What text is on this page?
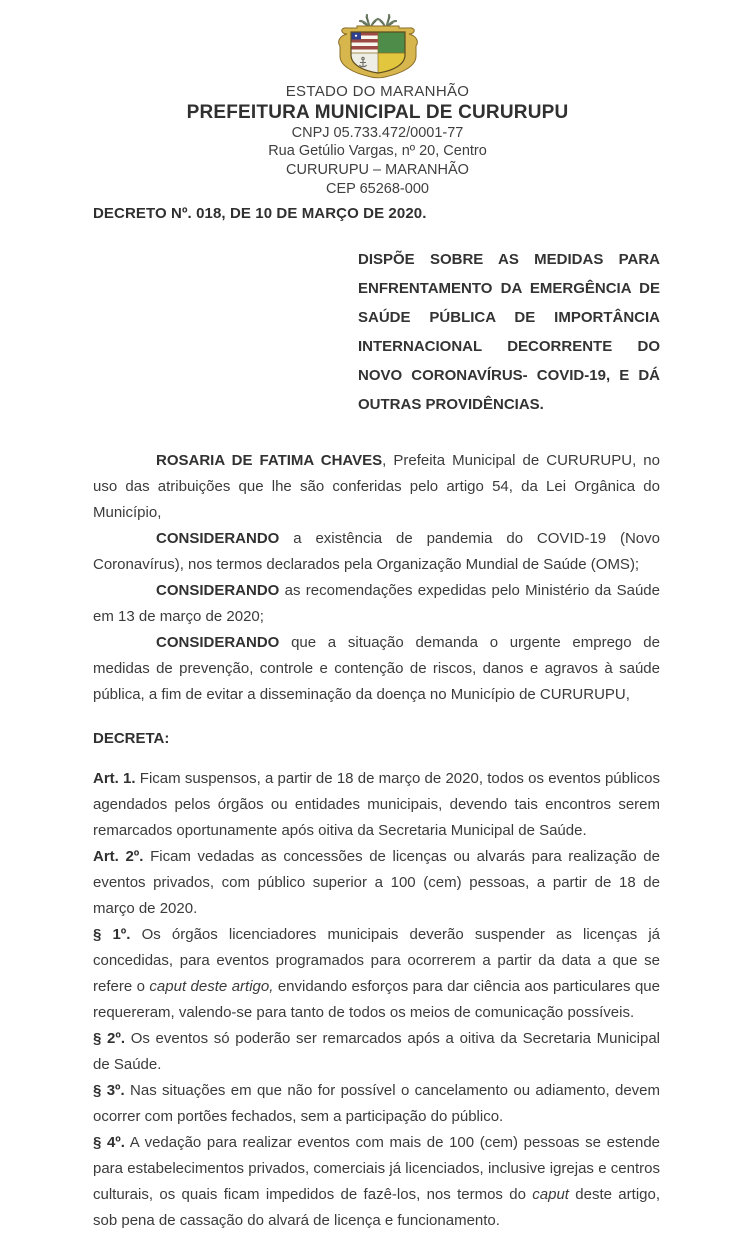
ESTADO DO MARANHÃO
PREFEITURA MUNICIPAL DE CURURUPU
CNPJ 05.733.472/0001-77
Rua Getúlio Vargas, nº 20, Centro
CURURUPU – MARANHÃO
CEP 65268-000
DECRETO Nº. 018, DE 10 DE MARÇO DE 2020.

DISPÕE SOBRE AS MEDIDAS PARA ENFRENTAMENTO DA EMERGÊNCIA DE SAÚDE PÚBLICA DE IMPORTÂNCIA INTERNACIONAL DECORRENTE DO NOVO CORONAVÍRUS- COVID-19, E DÁ OUTRAS PROVIDÊNCIAS.

ROSARIA DE FATIMA CHAVES, Prefeita Municipal de CURURUPU, no uso das atribuições que lhe são conferidas pelo artigo 54, da Lei Orgânica do Município,

CONSIDERANDO a existência de pandemia do COVID-19 (Novo Coronavírus), nos termos declarados pela Organização Mundial de Saúde (OMS);

CONSIDERANDO as recomendações expedidas pelo Ministério da Saúde em 13 de março de 2020;

CONSIDERANDO que a situação demanda o urgente emprego de medidas de prevenção, controle e contenção de riscos, danos e agravos à saúde pública, a fim de evitar a disseminação da doença no Município de CURURUPU,

DECRETA:

Art. 1. Ficam suspensos, a partir de 18 de março de 2020, todos os eventos públicos agendados pelos órgãos ou entidades municipais, devendo tais encontros serem remarcados oportunamente após oitiva da Secretaria Municipal de Saúde.

Art. 2º. Ficam vedadas as concessões de licenças ou alvarás para realização de eventos privados, com público superior a 100 (cem) pessoas, a partir de 18 de março de 2020.

§ 1º. Os órgãos licenciadores municipais deverão suspender as licenças já concedidas, para eventos programados para ocorrerem a partir da data a que se refere o caput deste artigo, envidando esforços para dar ciência aos particulares que requereram, valendo-se para tanto de todos os meios de comunicação possíveis.

§ 2º. Os eventos só poderão ser remarcados após a oitiva da Secretaria Municipal de Saúde.

§ 3º. Nas situações em que não for possível o cancelamento ou adiamento, devem ocorrer com portões fechados, sem a participação do público.

§ 4º. A vedação para realizar eventos com mais de 100 (cem) pessoas se estende para estabelecimentos privados, comerciais já licenciados, inclusive igrejas e centros culturais, os quais ficam impedidos de fazê-los, nos termos do caput deste artigo, sob pena de cassação do alvará de licença e funcionamento.
